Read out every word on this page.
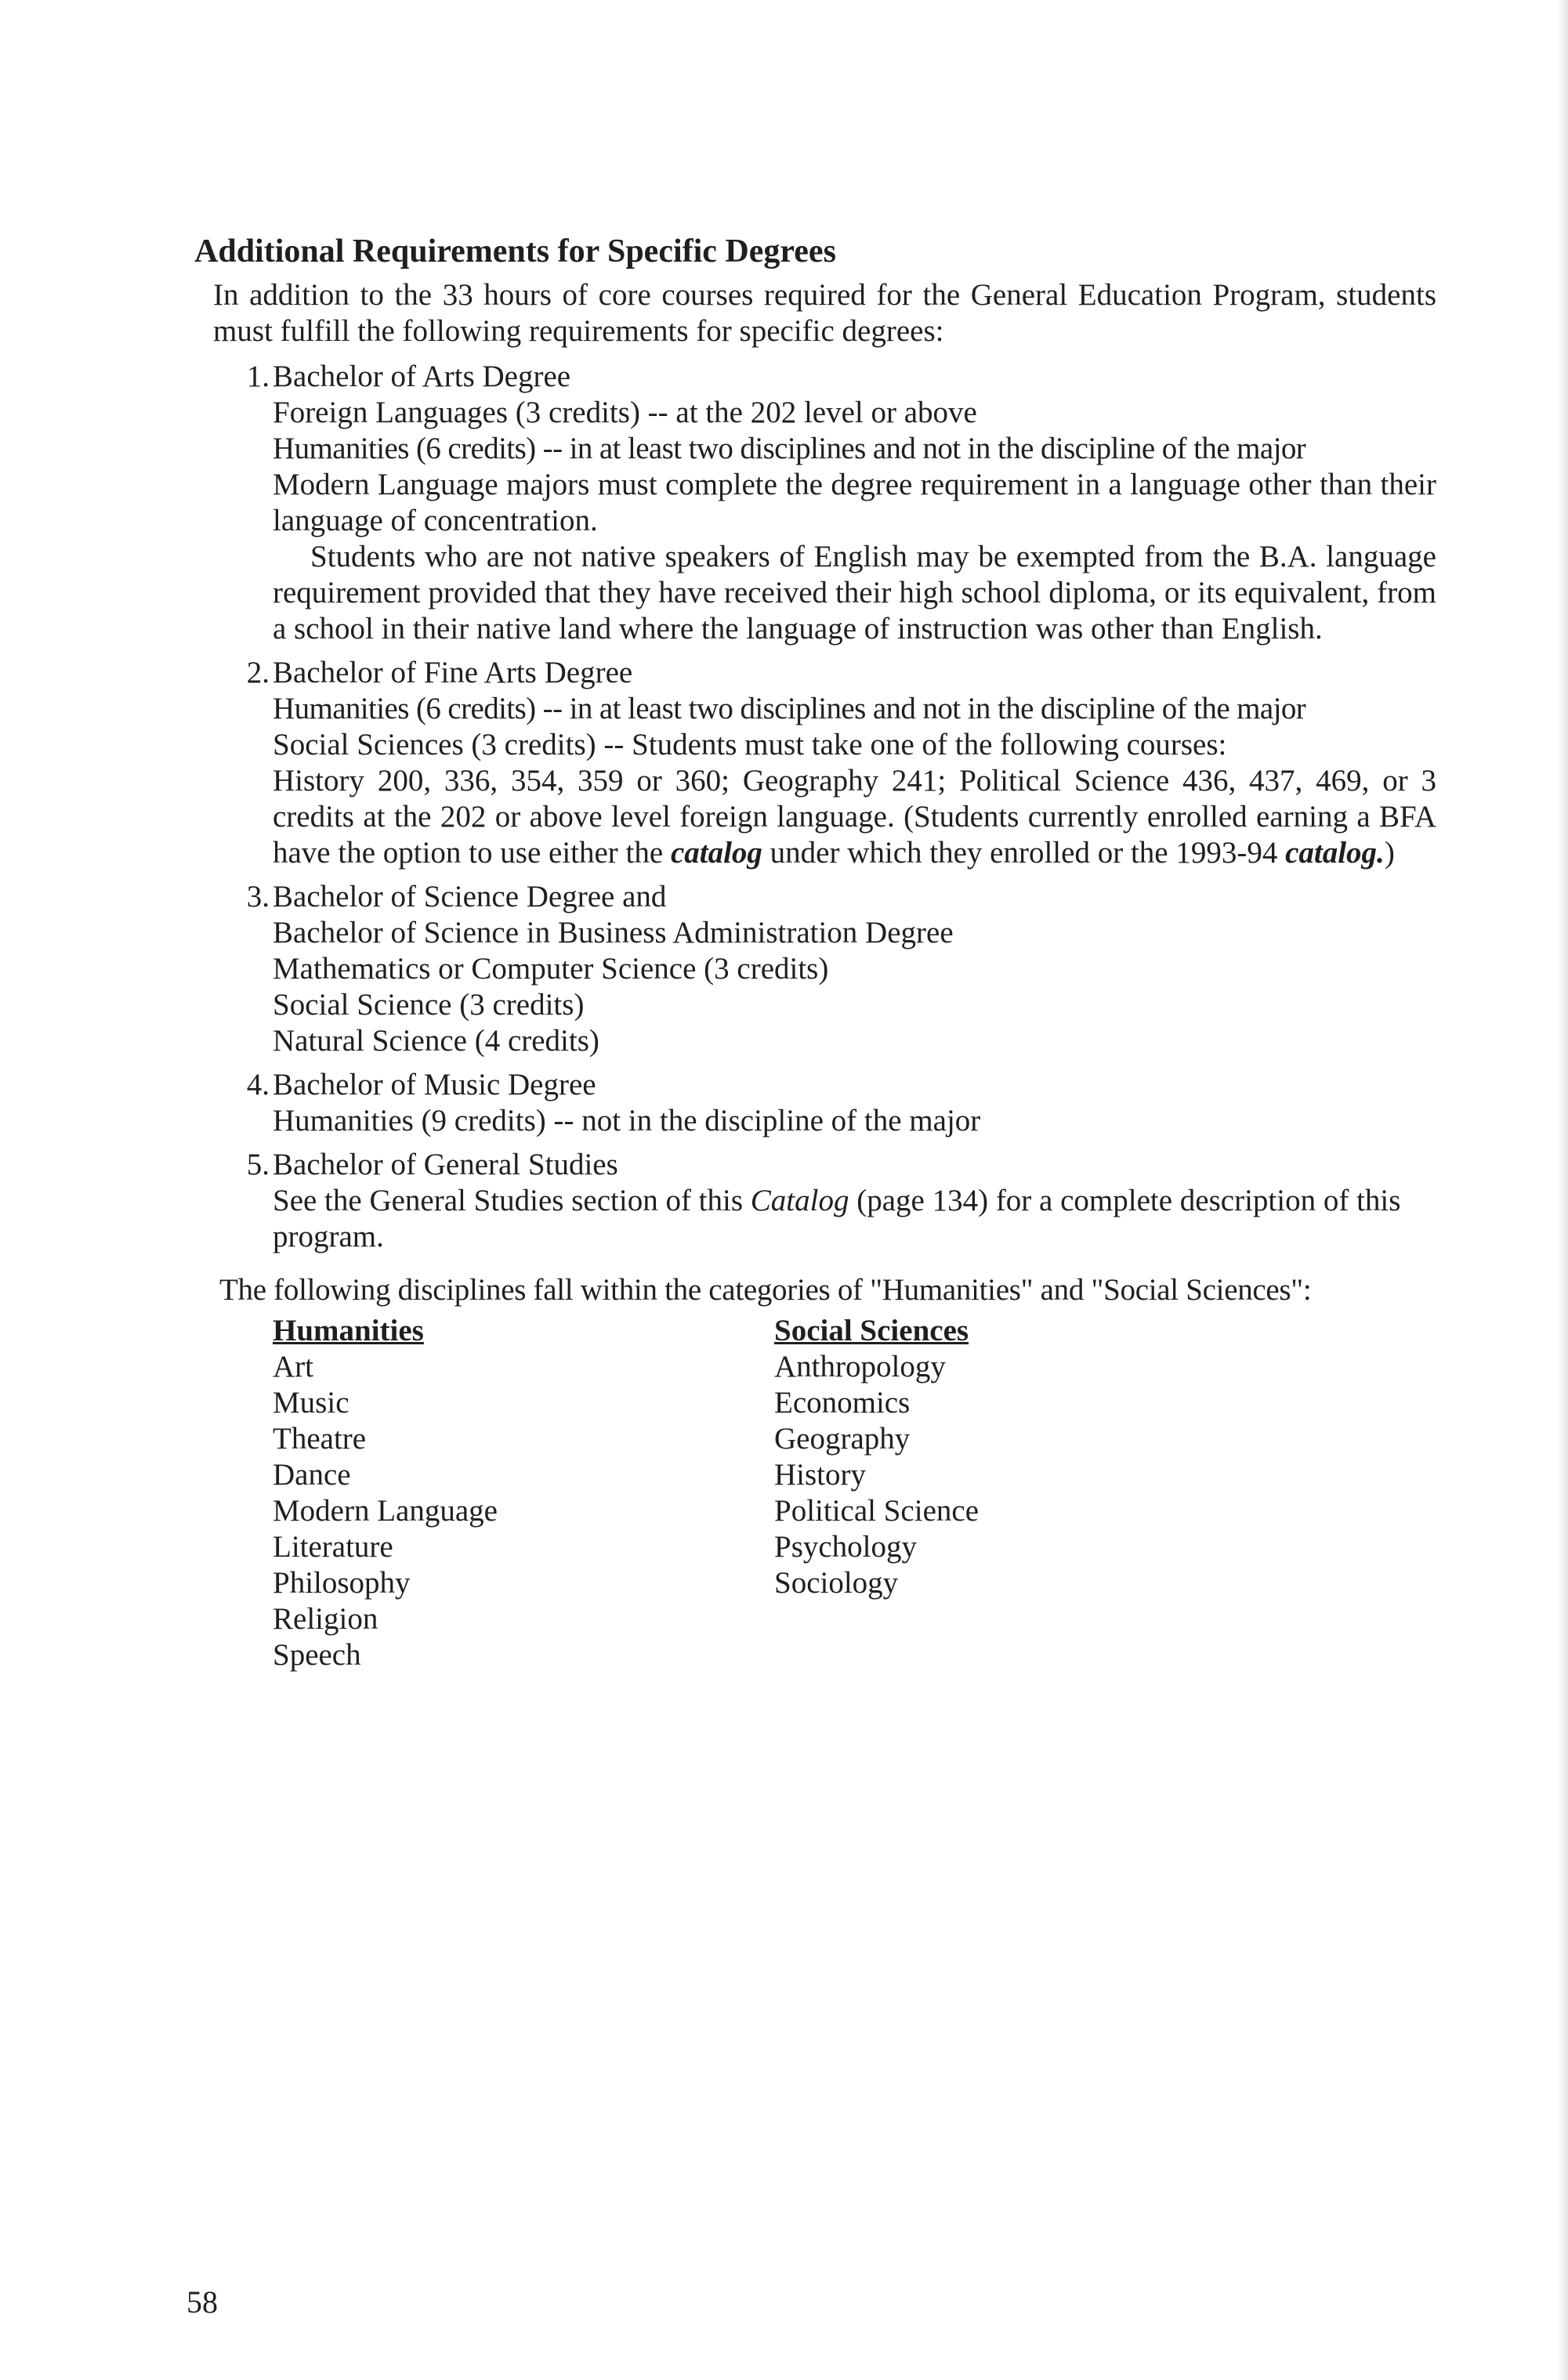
Additional Requirements for Specific Degrees
In addition to the 33 hours of core courses required for the General Education Program, students must fulfill the following requirements for specific degrees:
1. Bachelor of Arts Degree
Foreign Languages (3 credits) -- at the 202 level or above
Humanities (6 credits) -- in at least two disciplines and not in the discipline of the major
Modern Language majors must complete the degree requirement in a language other than their language of concentration.
Students who are not native speakers of English may be exempted from the B.A. language requirement provided that they have received their high school diploma, or its equivalent, from a school in their native land where the language of instruction was other than English.
2. Bachelor of Fine Arts Degree
Humanities (6 credits) -- in at least two disciplines and not in the discipline of the major
Social Sciences (3 credits) -- Students must take one of the following courses:
History 200, 336, 354, 359 or 360; Geography 241; Political Science 436, 437, 469, or 3 credits at the 202 or above level foreign language. (Students currently enrolled earning a BFA have the option to use either the catalog under which they enrolled or the 1993-94 catalog.)
3. Bachelor of Science Degree and
Bachelor of Science in Business Administration Degree
Mathematics or Computer Science (3 credits)
Social Science (3 credits)
Natural Science (4 credits)
4. Bachelor of Music Degree
Humanities (9 credits) -- not in the discipline of the major
5. Bachelor of General Studies
See the General Studies section of this Catalog (page 134) for a complete description of this program.
The following disciplines fall within the categories of "Humanities" and "Social Sciences":
Humanities
Art
Music
Theatre
Dance
Modern Language
Literature
Philosophy
Religion
Speech
Social Sciences
Anthropology
Economics
Geography
History
Political Science
Psychology
Sociology
58
